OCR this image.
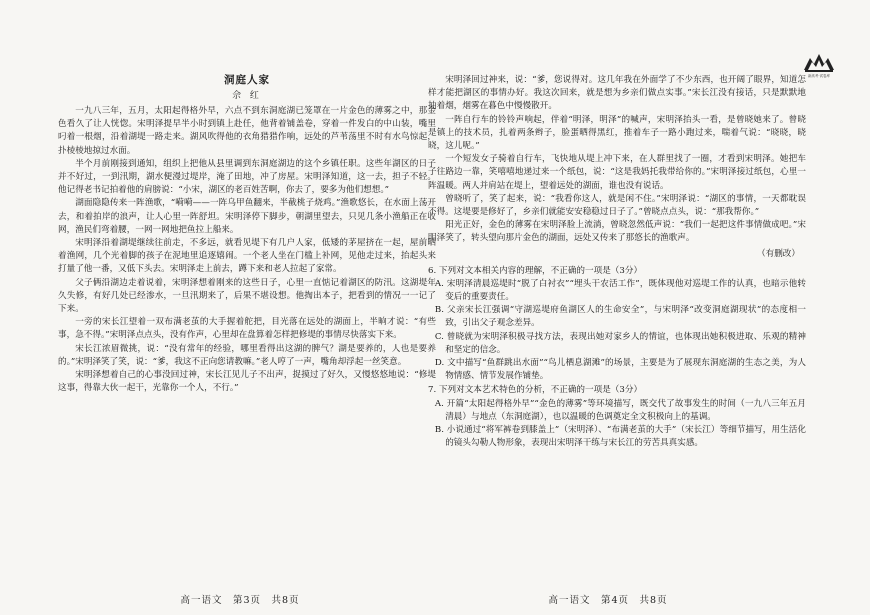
新高考·试卷库
洞庭人家
佘 红

一九八三年，五月，太阳起得格外早，六点不到东洞庭湖已笼罩在一片金色的薄雾之中，那金色看久了让人恍惚。宋明泽提早半小时到镇上赴任，他背着铺盖卷，穿着一件发白的中山装，嘴里叼着一根烟，沿着湖堤一路走来。湖风吹得他的衣角猎猎作响，远处的芦苇荡里不时有水鸟惊起，扑棱棱地掠过水面。

半个月前刚接到通知，组织上把他从县里调到东洞庭湖边的这个乡镇任职。这些年湖区的日子并不好过，一到汛期，湖水便漫过堤岸，淹了田地，冲了房屋。宋明泽知道，这一去，担子不轻。他记得老书记拍着他的肩膀说：“小宋，湖区的老百姓苦啊，你去了，要多为他们想想。”

湖面隐隐传来一阵渔歌，“嗬嗬——一阵乌甲鱼翻来，半截桃子烧鸡。”渔歌悠长，在水面上荡开去，和着拍岸的浪声，让人心里一阵舒坦。宋明泽停下脚步，朝湖里望去，只见几条小渔船正在收网，渔民们弯着腰，一网一网地把鱼拉上船来。

宋明泽沿着湖堤继续往前走，不多远，就看见堤下有几户人家，低矮的茅屋挤在一起，屋前晒着渔网，几个光着脚的孩子在泥地里追逐嬉闹。一个老人坐在门槛上补网，见他走过来，抬起头来打量了他一番，又低下头去。宋明泽走上前去，蹲下来和老人拉起了家常。

父子俩沿湖边走着说着，宋明泽想着刚来的这些日子，心里一直惦记着湖区的防汛。这湖堤年久失修，有好几处已经渗水，一旦汛期来了，后果不堪设想。他掏出本子，把看到的情况一一记了下来。

一旁的宋长江望着一双布满老茧的大手握着舵把，目光落在远处的湖面上，半晌才说：“有些事，急不得。”宋明泽点点头，没有作声，心里却在盘算着怎样把修堤的事情尽快落实下来。

宋长江浓眉微挑，说：“没有常年的经验，哪里看得出这湖的脾气？湖是要养的，人也是要养的。”宋明泽笑了笑，说：“爹，我这不正向您请教嘛。”老人哼了一声，嘴角却浮起一丝笑意。

宋明泽想着自己的心事没回过神，宋长江见儿子不出声，捉摸过了好久，又慢悠悠地说：“修堤这事，得靠大伙一起干，光靠你一个人，不行。”

高一语文　第3页　共8页

宋明泽回过神来，说：“爹，您说得对。这几年我在外面学了不少东西，也开阔了眼界，知道怎样才能把湖区的事情办好。我这次回来，就是想为乡亲们做点实事。”宋长江没有接话，只是默默地抽着烟，烟雾在暮色中慢慢散开。

一阵自行车的铃铃声响起，伴着“明泽，明泽”的喊声，宋明泽抬头一看，是曾晓她来了。曾晓是镇上的技术员，扎着两条辫子，脸蛋晒得黑红，推着车子一路小跑过来，喘着气说：“晓晓，晓晓，这儿呢。”

一个短发女子骑着自行车，飞快地从堤上冲下来，在人群里找了一圈，才看到宋明泽。她把车子往路边一靠，笑嘻嘻地递过来一个纸包，说：“这是我妈托我带给你的。”宋明泽接过纸包，心里一阵温暖。两人并肩站在堤上，望着远处的湖面，谁也没有说话。

曾晓听了，笑了起来，说：“我看你这人，就是闲不住。”宋明泽说：“湖区的事情，一天都耽误不得。这堤要是修好了，乡亲们就能安安稳稳过日子了。”曾晓点点头，说：“那我帮你。”

阳光正好，金色的薄雾在宋明泽脸上流淌，曾晓忽然低声说：“我们一起把这件事情做成吧。”宋明泽笑了，转头望向那片金色的湖面，远处又传来了那悠长的渔歌声。

（有删改）

6. 下列对文本相关内容的理解，不正确的一项是（3分）

A. 宋明泽清晨巡堤时“脱了白衬衣”“埋头干农活工作”，既体现他对巡堤工作的认真，也暗示他转变后的重要责任。

B. 父亲宋长江强调“守湖巡堤府鱼湖区人的生命安全”，与宋明泽“改变洞庭湖现状”的态度相一致，引出父子观念差异。

C. 曾晓就为宋明泽积极寻找方法，表现出她对家乡人的情谊，也体现出她积极进取、乐观的精神和坚定的信念。

D. 文中描写“鱼群跳出水面”“鸟儿栖息湖滩”的场景，主要是为了展现东洞庭湖的生态之美，为人物情感、情节发展作铺垫。

7. 下列对文本艺术特色的分析，不正确的一项是（3分）

A. 开篇“太阳起得格外早”“金色的薄雾”等环境描写，既交代了故事发生的时间（一九八三年五月清晨）与地点（东洞庭湖），也以温暖的色调奠定全文积极向上的基调。

B. 小说通过“将军裤卷到膝盖上”（宋明泽）、“布满老茧的大手”（宋长江）等细节描写，用生活化的镜头勾勒人物形象，表现出宋明泽干练与宋长江的劳苦具真实感。

高一语文　第4页　共8页
